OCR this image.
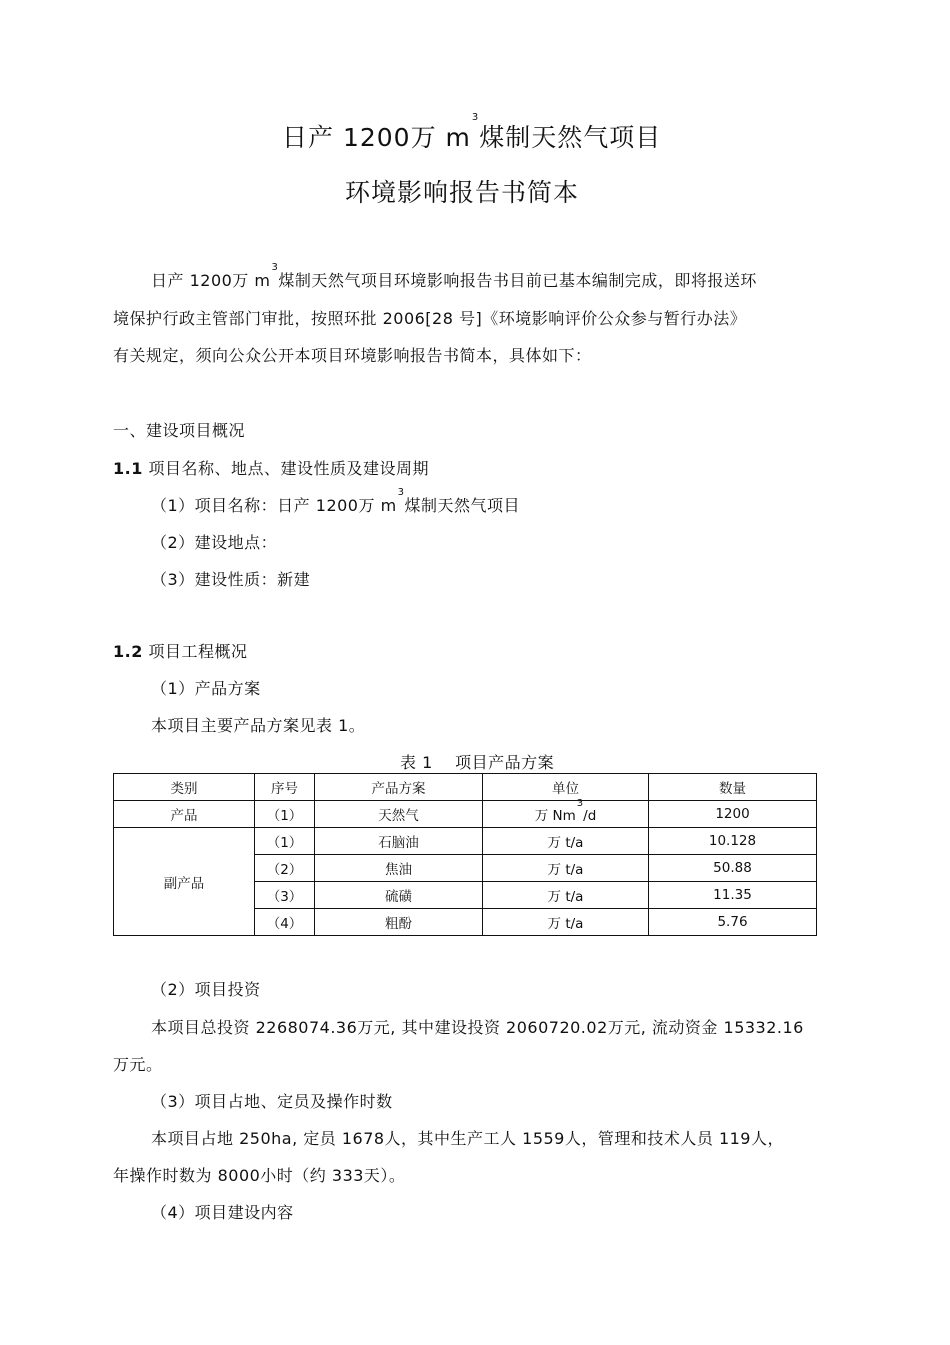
日产 1200万 $m^3$煤制天然气项目
环境影响报告书简本
日产 1200万 $m^3$煤制天然气项目环境影响报告书目前已基本编制完成，即将报送环
境保护行政主管部门审批，按照环批 2006[28 号]《环境影响评价公众参与暂行办法》
有关规定，须向公众公开本项目环境影响报告书简本，具体如下：
一、建设项目概况
1.1 项目名称、地点、建设性质及建设周期
（1）项目名称：日产 1200万 $m^3$煤制天然气项目
（2）建设地点：
（3）建设性质：新建
1.2 项目工程概况
（1）产品方案
本项目主要产品方案见表 1。
表 1    项目产品方案
类别	序号	产品方案	单位	数量
产品	（1）	天然气	万 Nm$^3$/d	1200
副产品	（1）	石脑油	万 t/a	10.128
	（2）	焦油	万 t/a	50.88
	（3）	硫磺	万 t/a	11.35
	（4）	粗酚	万 t/a	5.76
（2）项目投资
本项目总投资 2268074.36万元, 其中建设投资 2060720.02万元, 流动资金 15332.16
万元。
（3）项目占地、定员及操作时数
本项目占地 250ha, 定员 1678人，其中生产工人 1559人，管理和技术人员 119人，
年操作时数为 8000小时（约 333天）。
（4）项目建设内容
